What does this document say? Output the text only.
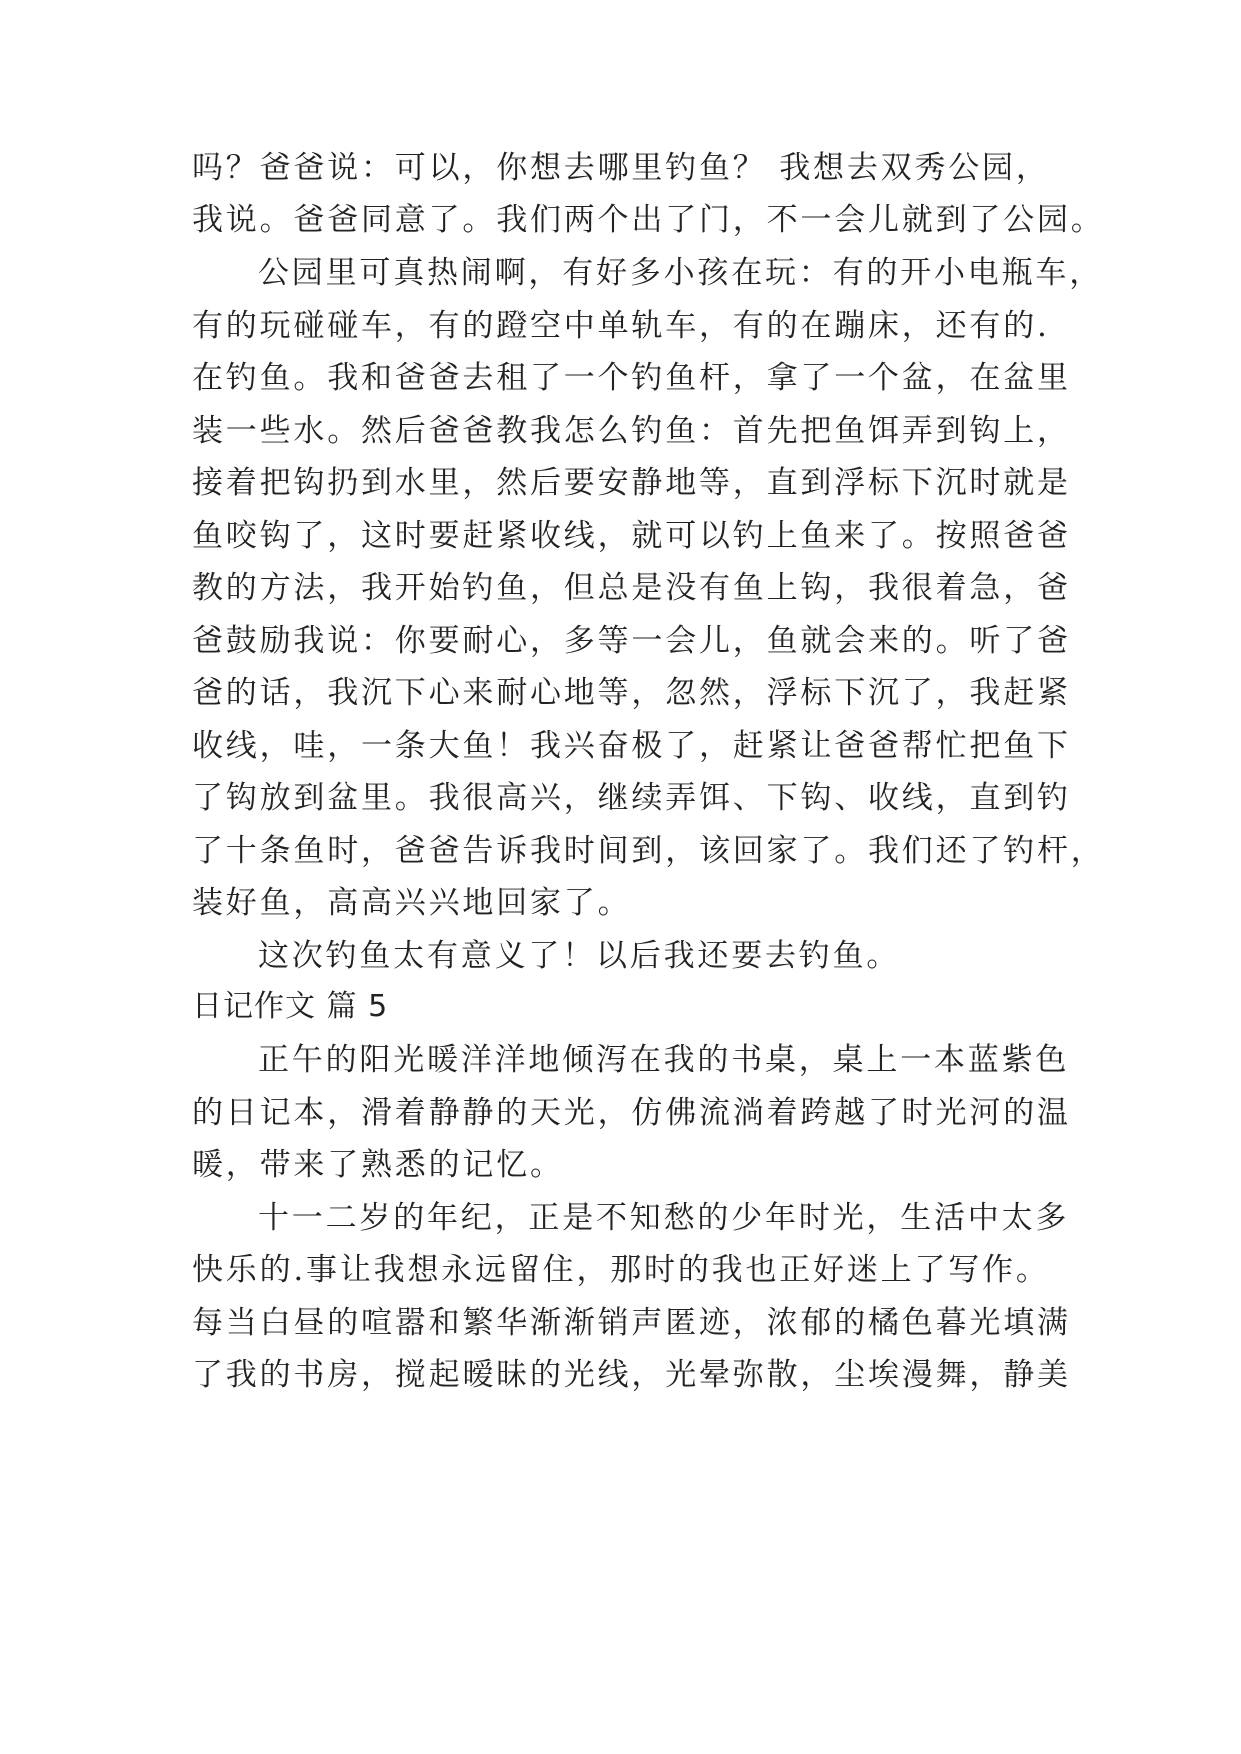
吗？爸爸说：可以，你想去哪里钓鱼？ 我想去双秀公园，
我说。爸爸同意了。我们两个出了门，不一会儿就到了公园。
公园里可真热闹啊，有好多小孩在玩：有的开小电瓶车，
有的玩碰碰车，有的蹬空中单轨车，有的在蹦床，还有的.
在钓鱼。我和爸爸去租了一个钓鱼杆，拿了一个盆，在盆里
装一些水。然后爸爸教我怎么钓鱼：首先把鱼饵弄到钩上，
接着把钩扔到水里，然后要安静地等，直到浮标下沉时就是
鱼咬钩了，这时要赶紧收线，就可以钓上鱼来了。按照爸爸
教的方法，我开始钓鱼，但总是没有鱼上钩，我很着急，爸
爸鼓励我说：你要耐心，多等一会儿，鱼就会来的。听了爸
爸的话，我沉下心来耐心地等，忽然，浮标下沉了，我赶紧
收线，哇，一条大鱼！我兴奋极了，赶紧让爸爸帮忙把鱼下
了钩放到盆里。我很高兴，继续弄饵、下钩、收线，直到钓
了十条鱼时，爸爸告诉我时间到，该回家了。我们还了钓杆，
装好鱼，高高兴兴地回家了。
这次钓鱼太有意义了！以后我还要去钓鱼。
日记作文 篇 5
正午的阳光暖洋洋地倾泻在我的书桌，桌上一本蓝紫色
的日记本，滑着静静的天光，仿佛流淌着跨越了时光河的温
暖，带来了熟悉的记忆。
十一二岁的年纪，正是不知愁的少年时光，生活中太多
快乐的.事让我想永远留住，那时的我也正好迷上了写作。
每当白昼的喧嚣和繁华渐渐销声匿迹，浓郁的橘色暮光填满
了我的书房，搅起暧昧的光线，光晕弥散，尘埃漫舞，静美
